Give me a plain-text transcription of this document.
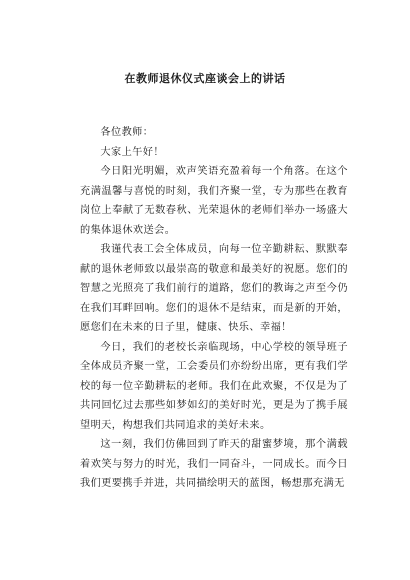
在教师退休仪式座谈会上的讲话

各位教师：

大家上午好！

今日阳光明媚，欢声笑语充盈着每一个角落。在这个充满温馨与喜悦的时刻，我们齐聚一堂，专为那些在教育岗位上奉献了无数春秋、光荣退休的老师们举办一场盛大的集体退休欢送会。

我谨代表工会全体成员，向每一位辛勤耕耘、默默奉献的退休老师致以最崇高的敬意和最美好的祝愿。您们的智慧之光照亮了我们前行的道路，您们的教诲之声至今仍在我们耳畔回响。您们的退休不是结束，而是新的开始，愿您们在未来的日子里，健康、快乐、幸福！

今日，我们的老校长亲临现场，中心学校的领导班子全体成员齐聚一堂，工会委员们亦纷纷出席，更有我们学校的每一位辛勤耕耘的老师。我们在此欢聚，不仅是为了共同回忆过去那些如梦如幻的美好时光，更是为了携手展望明天，构想我们共同追求的美好未来。

这一刻，我们仿佛回到了昨天的甜蜜梦境，那个满载着欢笑与努力的时光，我们一同奋斗，一同成长。而今日我们更要携手并进，共同描绘明天的蓝图，畅想那充满无
